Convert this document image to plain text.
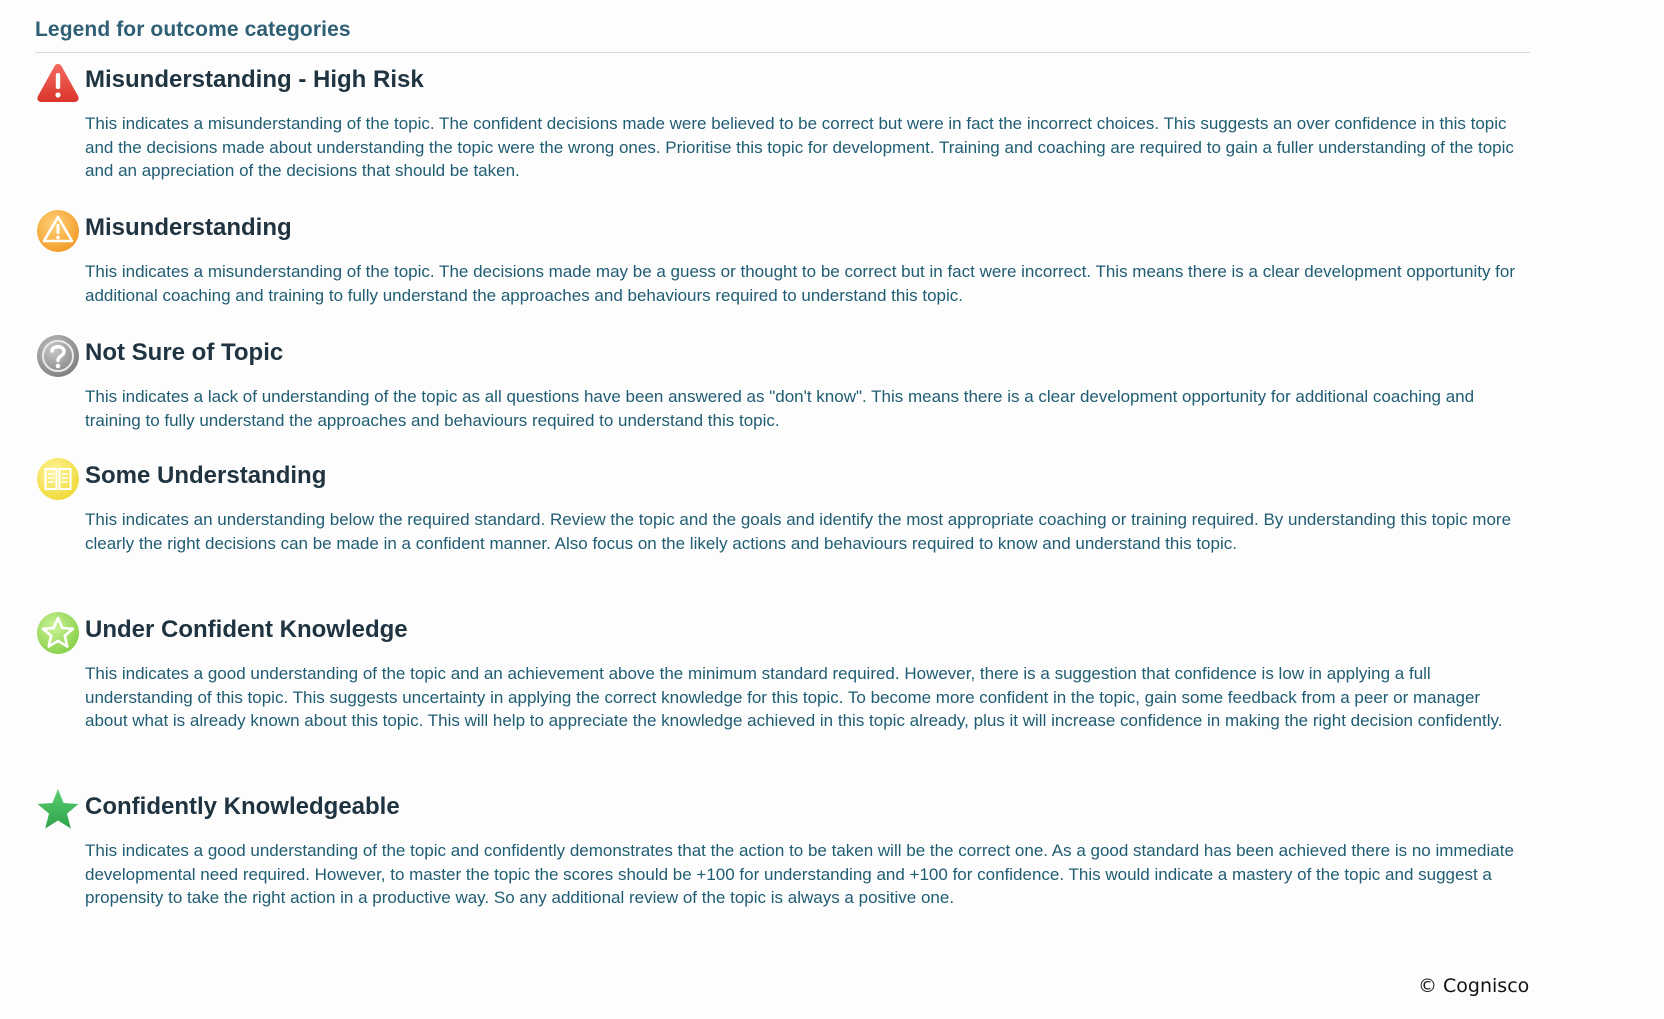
Legend for outcome categories
Misunderstanding - High Risk
This indicates a misunderstanding of the topic. The confident decisions made were believed to be correct but were in fact the incorrect choices. This suggests an over confidence in this topic and the decisions made about understanding the topic were the wrong ones. Prioritise this topic for development. Training and coaching are required to gain a fuller understanding of the topic and an appreciation of the decisions that should be taken.
Misunderstanding
This indicates a misunderstanding of the topic. The decisions made may be a guess or thought to be correct but in fact were incorrect. This means there is a clear development opportunity for additional coaching and training to fully understand the approaches and behaviours required to understand this topic.
Not Sure of Topic
This indicates a lack of understanding of the topic as all questions have been answered as "don't know". This means there is a clear development opportunity for additional coaching and training to fully understand the approaches and behaviours required to understand this topic.
Some Understanding
This indicates an understanding below the required standard. Review the topic and the goals and identify the most appropriate coaching or training required. By understanding this topic more clearly the right decisions can be made in a confident manner. Also focus on the likely actions and behaviours required to know and understand this topic.
Under Confident Knowledge
This indicates a good understanding of the topic and an achievement above the minimum standard required. However, there is a suggestion that confidence is low in applying a full understanding of this topic. This suggests uncertainty in applying the correct knowledge for this topic. To become more confident in the topic, gain some feedback from a peer or manager about what is already known about this topic. This will help to appreciate the knowledge achieved in this topic already, plus it will increase confidence in making the right decision confidently.
Confidently Knowledgeable
This indicates a good understanding of the topic and confidently demonstrates that the action to be taken will be the correct one. As a good standard has been achieved there is no immediate developmental need required. However, to master the topic the scores should be +100 for understanding and +100 for confidence. This would indicate a mastery of the topic and suggest a propensity to take the right action in a productive way. So any additional review of the topic is always a positive one.
© Cognisco
